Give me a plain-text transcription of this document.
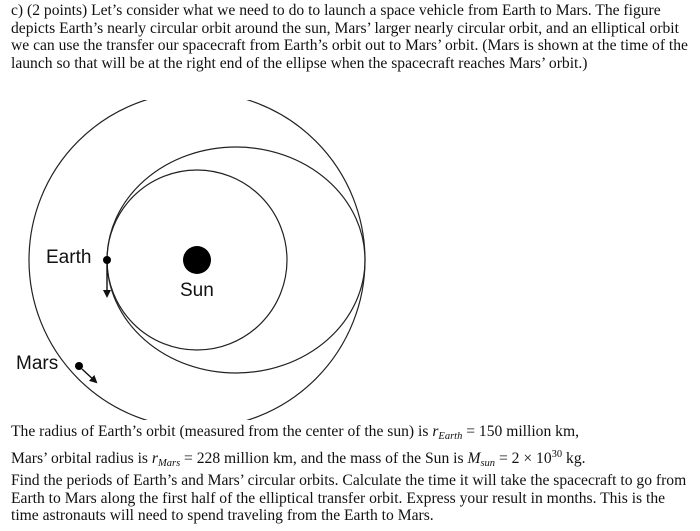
c) (2 points) Let’s consider what we need to do to launch a space vehicle from Earth to Mars. The figure depicts Earth’s nearly circular orbit around the sun, Mars’ larger nearly circular orbit, and an elliptical orbit we can use the transfer our spacecraft from Earth’s orbit out to Mars’ orbit. (Mars is shown at the time of the launch so that will be at the right end of the ellipse when the spacecraft reaches Mars’ orbit.)

Sun
Earth
Mars

The radius of Earth’s orbit (measured from the center of the sun) is $r_{Earth} = 150$ million km,
Mars’ orbital radius is $r_{Mars} = 228$ million km, and the mass of the Sun is $M_{sun} = 2 \times 10^{30}$ kg.
Find the periods of Earth’s and Mars’ circular orbits. Calculate the time it will take the spacecraft to go from Earth to Mars along the first half of the elliptical transfer orbit. Express your result in months. This is the time astronauts will need to spend traveling from the Earth to Mars.
